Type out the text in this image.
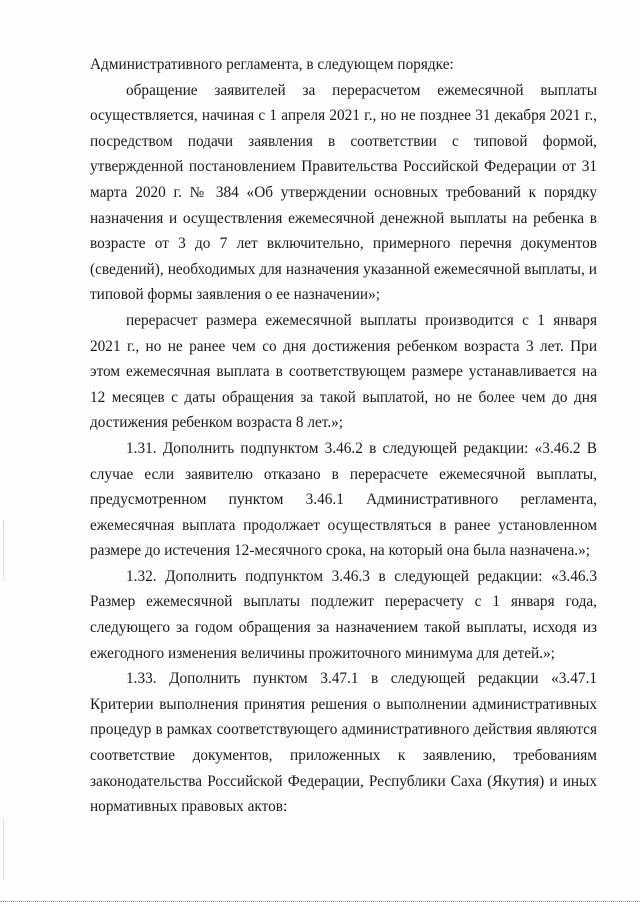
Административного регламента, в следующем порядке:

обращение заявителей за перерасчетом ежемесячной выплаты осуществляется, начиная с 1 апреля 2021 г., но не позднее 31 декабря 2021 г., посредством подачи заявления в соответствии с типовой формой, утвержденной постановлением Правительства Российской Федерации от 31 марта 2020 г. № 384 «Об утверждении основных требований к порядку назначения и осуществления ежемесячной денежной выплаты на ребенка в возрасте от 3 до 7 лет включительно, примерного перечня документов (сведений), необходимых для назначения указанной ежемесячной выплаты, и типовой формы заявления о ее назначении»;

перерасчет размера ежемесячной выплаты производится с 1 января 2021 г., но не ранее чем со дня достижения ребенком возраста 3 лет. При этом ежемесячная выплата в соответствующем размере устанавливается на 12 месяцев с даты обращения за такой выплатой, но не более чем до дня достижения ребенком возраста 8 лет.»;

1.31. Дополнить подпунктом 3.46.2 в следующей редакции: «3.46.2 В случае если заявителю отказано в перерасчете ежемесячной выплаты, предусмотренном пунктом 3.46.1 Административного регламента, ежемесячная выплата продолжает осуществляться в ранее установленном размере до истечения 12-месячного срока, на который она была назначена.»;

1.32. Дополнить подпунктом 3.46.3 в следующей редакции: «3.46.3 Размер ежемесячной выплаты подлежит перерасчету с 1 января года, следующего за годом обращения за назначением такой выплаты, исходя из ежегодного изменения величины прожиточного минимума для детей.»;

1.33. Дополнить пунктом 3.47.1 в следующей редакции «3.47.1 Критерии выполнения принятия решения о выполнении административных процедур в рамках соответствующего административного действия являются соответствие документов, приложенных к заявлению, требованиям законодательства Российской Федерации, Республики Саха (Якутия) и иных нормативных правовых актов:
